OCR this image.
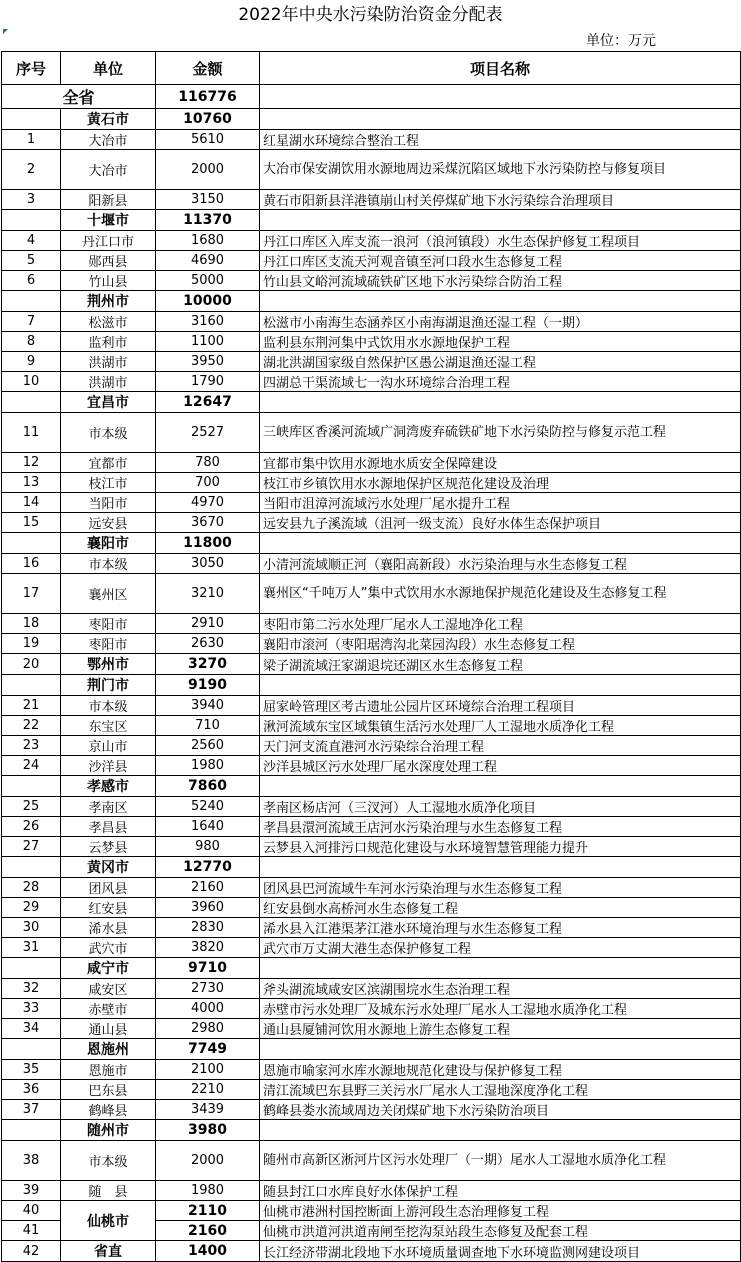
2022年中央水污染防治资金分配表
单位：万元
序号	单位	金额	项目名称
全省		116776	
	黄石市	10760	
1	大冶市	5610	红星湖水环境综合整治工程
2	大冶市	2000	大冶市保安湖饮用水源地周边采煤沉陷区域地下水污染防控与修复项目
3	阳新县	3150	黄石市阳新县洋港镇崩山村关停煤矿地下水污染综合治理项目
	十堰市	11370	
4	丹江口市	1680	丹江口库区入库支流一浪河（浪河镇段）水生态保护修复工程项目
5	郧西县	4690	丹江口库区支流天河观音镇至河口段水生态修复工程
6	竹山县	5000	竹山县文峪河流域硫铁矿区地下水污染综合防治工程
	荆州市	10000	
7	松滋市	3160	松滋市小南海生态涵养区小南海湖退渔还湿工程（一期）
8	监利市	1100	监利县东荆河集中式饮用水水源地保护工程
9	洪湖市	3950	湖北洪湖国家级自然保护区愚公湖退渔还湿工程
10	洪湖市	1790	四湖总干渠流域七一沟水环境综合治理工程
	宜昌市	12647	
11	市本级	2527	三峡库区香溪河流域广洞湾废弃硫铁矿地下水污染防控与修复示范工程
12	宜都市	780	宜都市集中饮用水源地水质安全保障建设
13	枝江市	700	枝江市乡镇饮用水水源地保护区规范化建设及治理
14	当阳市	4970	当阳市沮漳河流域污水处理厂尾水提升工程
15	远安县	3670	远安县九子溪流域（沮河一级支流）良好水体生态保护项目
	襄阳市	11800	
16	市本级	3050	小清河流域顺正河（襄阳高新段）水污染治理与水生态修复工程
17	襄州区	3210	襄州区“千吨万人”集中式饮用水水源地保护规范化建设及生态修复工程
18	枣阳市	2910	枣阳市第二污水处理厂尾水人工湿地净化工程
19	枣阳市	2630	襄阳市滚河（枣阳琚湾沟北菜园沟段）水生态修复工程
20	鄂州市	3270	梁子湖流域汪家湖退垸还湖区水生态修复工程
	荆门市	9190	
21	市本级	3940	屈家岭管理区考古遗址公园片区环境综合治理工程项目
22	东宝区	710	湫河流域东宝区域集镇生活污水处理厂人工湿地水质净化工程
23	京山市	2560	天门河支流直港河水污染综合治理工程
24	沙洋县	1980	沙洋县城区污水处理厂尾水深度处理工程
	孝感市	7860	
25	孝南区	5240	孝南区杨店河（三汊河）人工湿地水质净化项目
26	孝昌县	1640	孝昌县澴河流域王店河水污染治理与水生态修复工程
27	云梦县	980	云梦县入河排污口规范化建设与水环境智慧管理能力提升
	黄冈市	12770	
28	团风县	2160	团风县巴河流域牛车河水污染治理与水生态修复工程
29	红安县	3960	红安县倒水高桥河水生态修复工程
30	浠水县	2830	浠水县入江港渠茅江港水环境治理与水生态修复工程
31	武穴市	3820	武穴市万丈湖大港生态保护修复工程
	咸宁市	9710	
32	咸安区	2730	斧头湖流域咸安区滨湖围垸水生态治理工程
33	赤壁市	4000	赤壁市污水处理厂及城东污水处理厂尾水人工湿地水质净化工程
34	通山县	2980	通山县厦铺河饮用水源地上游生态修复工程
	恩施州	7749	
35	恩施市	2100	恩施市喻家河水库水源地规范化建设与保护修复工程
36	巴东县	2210	清江流域巴东县野三关污水厂尾水人工湿地深度净化工程
37	鹤峰县	3439	鹤峰县娄水流域周边关闭煤矿地下水污染防治项目
	随州市	3980	
38	市本级	2000	随州市高新区淅河片区污水处理厂（一期）尾水人工湿地水质净化工程
39	随　县	1980	随县封江口水库良好水体保护工程
40	仙桃市	2110	仙桃市港洲村国控断面上游河段生态治理修复工程
41		2160	仙桃市洪道河洪道南闸至挖沟泵站段生态修复及配套工程
42	省直	1400	长江经济带湖北段地下水环境质量调查地下水环境监测网建设项目
